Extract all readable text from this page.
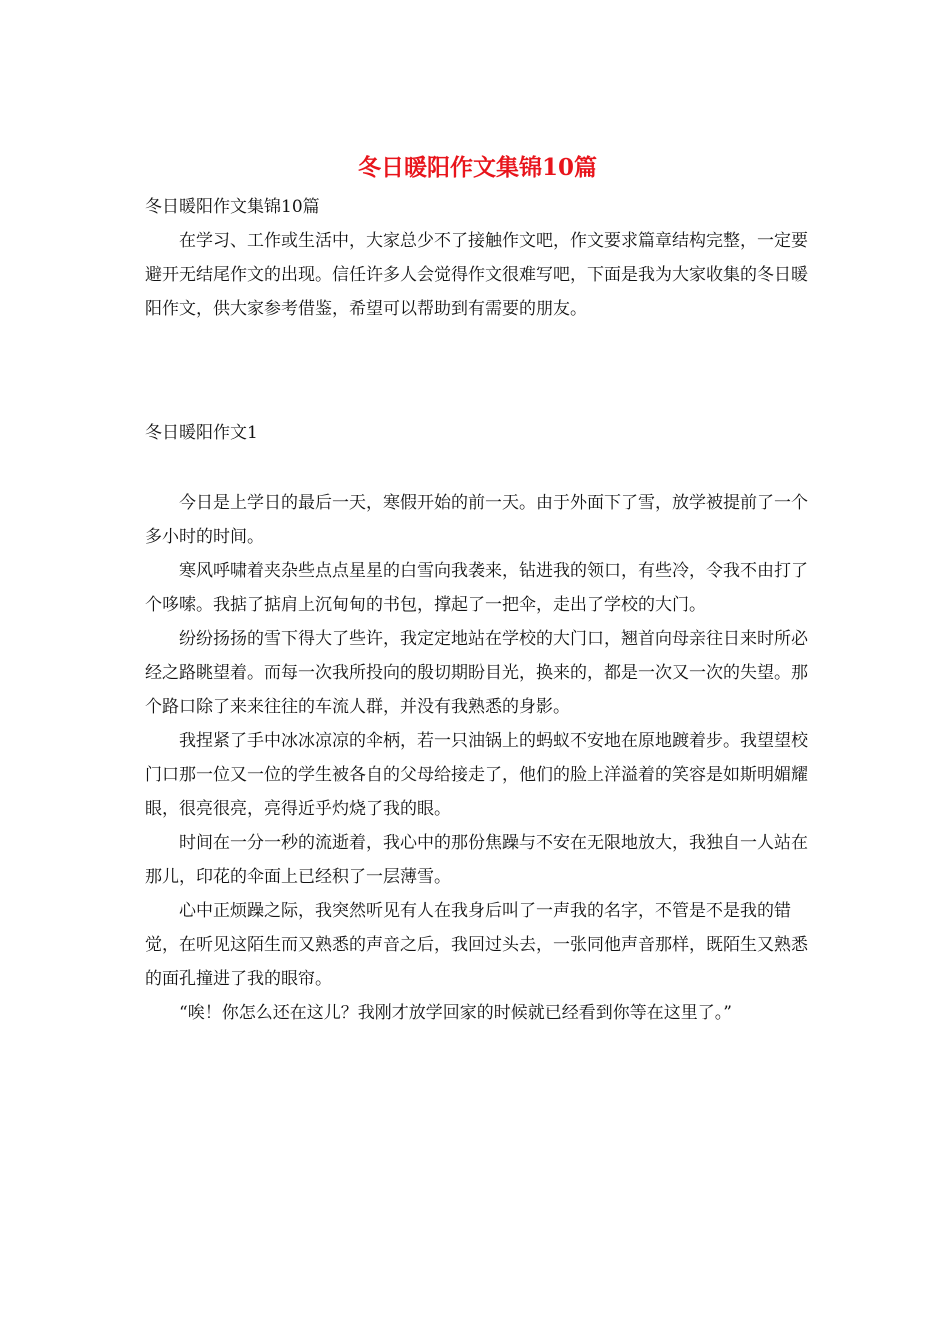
冬日暖阳作文集锦10篇

冬日暖阳作文集锦10篇

在学习、工作或生活中，大家总少不了接触作文吧，作文要求篇章结构完整，一定要避开无结尾作文的出现。信任许多人会觉得作文很难写吧，下面是我为大家收集的冬日暖阳作文，供大家参考借鉴，希望可以帮助到有需要的朋友。

冬日暖阳作文1

今日是上学日的最后一天，寒假开始的前一天。由于外面下了雪，放学被提前了一个多小时的时间。

寒风呼啸着夹杂些点点星星的白雪向我袭来，钻进我的领口，有些冷，令我不由打了个哆嗦。我掂了掂肩上沉甸甸的书包，撑起了一把伞，走出了学校的大门。

纷纷扬扬的雪下得大了些许，我定定地站在学校的大门口，翘首向母亲往日来时所必经之路眺望着。而每一次我所投向的殷切期盼目光，换来的，都是一次又一次的失望。那个路口除了来来往往的车流人群，并没有我熟悉的身影。

我捏紧了手中冰冰凉凉的伞柄，若一只油锅上的蚂蚁不安地在原地踱着步。我望望校门口那一位又一位的学生被各自的父母给接走了，他们的脸上洋溢着的笑容是如斯明媚耀眼，很亮很亮，亮得近乎灼烧了我的眼。

时间在一分一秒的流逝着，我心中的那份焦躁与不安在无限地放大，我独自一人站在那儿，印花的伞面上已经积了一层薄雪。

心中正烦躁之际，我突然听见有人在我身后叫了一声我的名字，不管是不是我的错觉，在听见这陌生而又熟悉的声音之后，我回过头去，一张同他声音那样，既陌生又熟悉的面孔撞进了我的眼帘。

“唉！你怎么还在这儿？我刚才放学回家的时候就已经看到你等在这里了。”
